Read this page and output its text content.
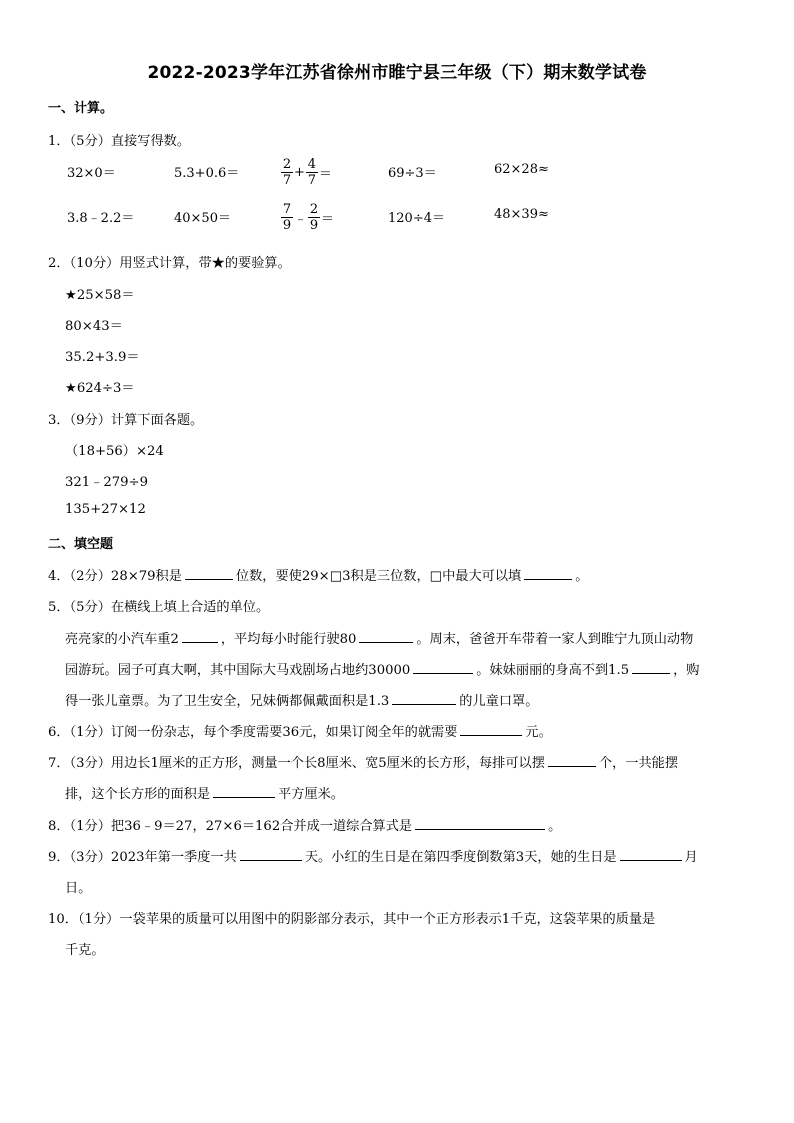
2022-2023学年江苏省徐州市睢宁县三年级（下）期末数学试卷
一、计算。
1．（5分）直接写得数。
32×0＝	5.3+0.6＝	$\frac{2}{7} + \frac{4}{7}$ ＝	69÷3＝	62×28≈
3.8﹣2.2＝	40×50＝	$\frac{7}{9}$ ﹣ $\frac{2}{9}$ ＝	120÷4＝	48×39≈
2．（10分）用竖式计算，带★的要验算。
★25×58＝
80×43＝
35.2+3.9＝
★624÷3＝
3．（9分）计算下面各题。
（18+56）×24
321﹣279÷9
135+27×12
二、填空题
4．（2分）28×79积是	位数，要使29×□3积是三位数，□中最大可以填	。
5．（5分）在横线上填上合适的单位。
亮亮家的小汽车重2	，平均每小时能行驶80	。周末，爸爸开车带着一家人到睢宁九顶山动物
园游玩。园子可真大啊，其中国际大马戏剧场占地约30000	。妹妹丽丽的身高不到1.5	，购
得一张儿童票。为了卫生安全，兄妹俩都佩戴面积是1.3	的儿童口罩。
6．（1分）订阅一份杂志，每个季度需要36元，如果订阅全年的就需要	元。
7．（3分）用边长1厘米的正方形，测量一个长8厘米、宽5厘米的长方形，每排可以摆	个，一共能摆
排，这个长方形的面积是	平方厘米。
8．（1分）把36﹣9＝27，27×6＝162合并成一道综合算式是	。
9．（3分）2023年第一季度一共	天。小红的生日是在第四季度倒数第3天，她的生日是	月
日。
10．（1分）一袋苹果的质量可以用图中的阴影部分表示，其中一个正方形表示1千克，这袋苹果的质量是
千克。
